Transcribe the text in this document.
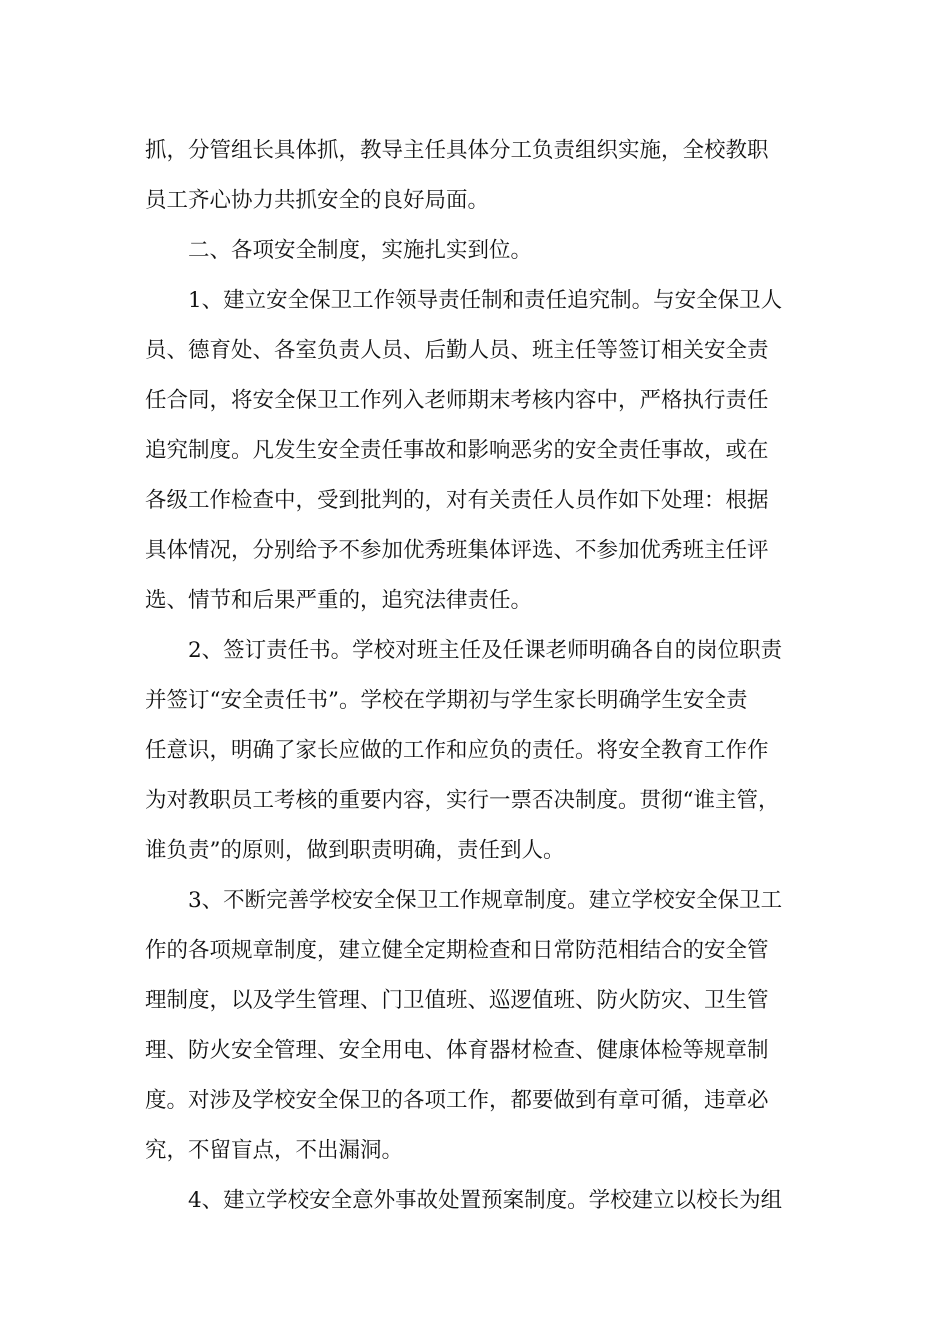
抓，分管组长具体抓，教导主任具体分工负责组织实施，全校教职
员工齐心协力共抓安全的良好局面。
二、各项安全制度，实施扎实到位。
1、建立安全保卫工作领导责任制和责任追究制。与安全保卫人
员、德育处、各室负责人员、后勤人员、班主任等签订相关安全责
任合同，将安全保卫工作列入老师期末考核内容中，严格执行责任
追究制度。凡发生安全责任事故和影响恶劣的安全责任事故，或在
各级工作检查中，受到批判的，对有关责任人员作如下处理：根据
具体情况，分别给予不参加优秀班集体评选、不参加优秀班主任评
选、情节和后果严重的，追究法律责任。
2、签订责任书。学校对班主任及任课老师明确各自的岗位职责
并签订“安全责任书”。学校在学期初与学生家长明确学生安全责
任意识，明确了家长应做的工作和应负的责任。将安全教育工作作
为对教职员工考核的重要内容，实行一票否决制度。贯彻“谁主管，
谁负责”的原则，做到职责明确，责任到人。
3、不断完善学校安全保卫工作规章制度。建立学校安全保卫工
作的各项规章制度，建立健全定期检查和日常防范相结合的安全管
理制度，以及学生管理、门卫值班、巡逻值班、防火防灾、卫生管
理、防火安全管理、安全用电、体育器材检查、健康体检等规章制
度。对涉及学校安全保卫的各项工作，都要做到有章可循，违章必
究，不留盲点，不出漏洞。
4、建立学校安全意外事故处置预案制度。学校建立以校长为组
